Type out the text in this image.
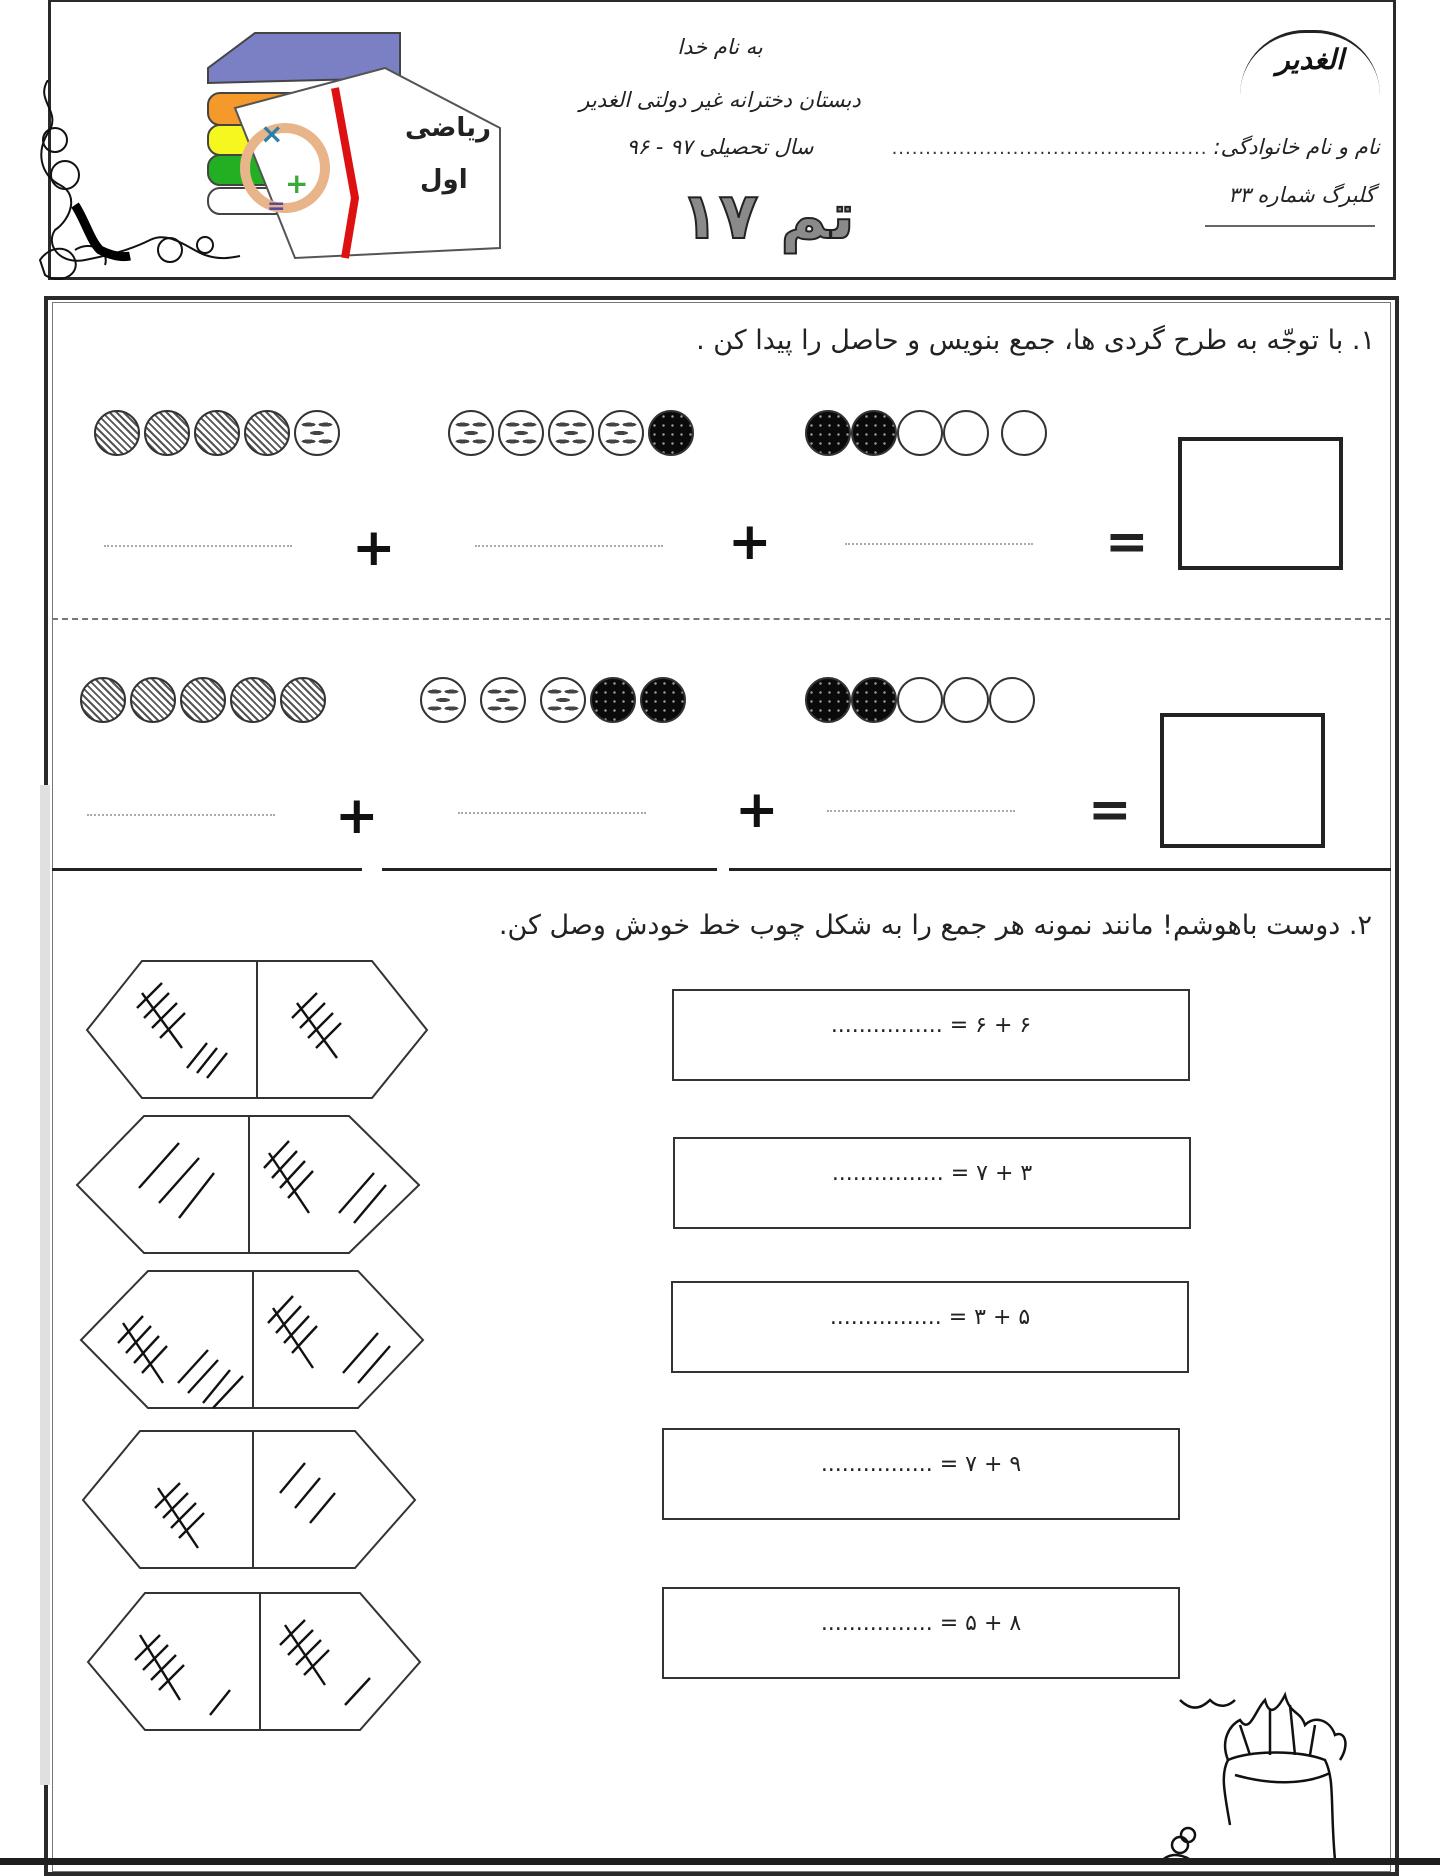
×
+
=
ریاضی
اول
به نام خدا
دبستان دخترانه غیر دولتی الغدیر
سال تحصیلی ۹۷ - ۹۶
تم ۱۷
الغدیر
نام و نام خانوادگی:
...............................................
گلبرگ شماره ۳۳
۱. با توجّه به طرح گردی ها، جمع بنویس و حاصل را پیدا کن .
+	+	=
+	+	=
۲. دوست باهوشم! مانند نمونه هر جمع را به شکل چوب خط خودش وصل کن.
۶ + ۶ = ................
۳ + ۷ = ................
۵ + ۳ = ................
۹ + ۷ = ................
۸ + ۵ = ................
